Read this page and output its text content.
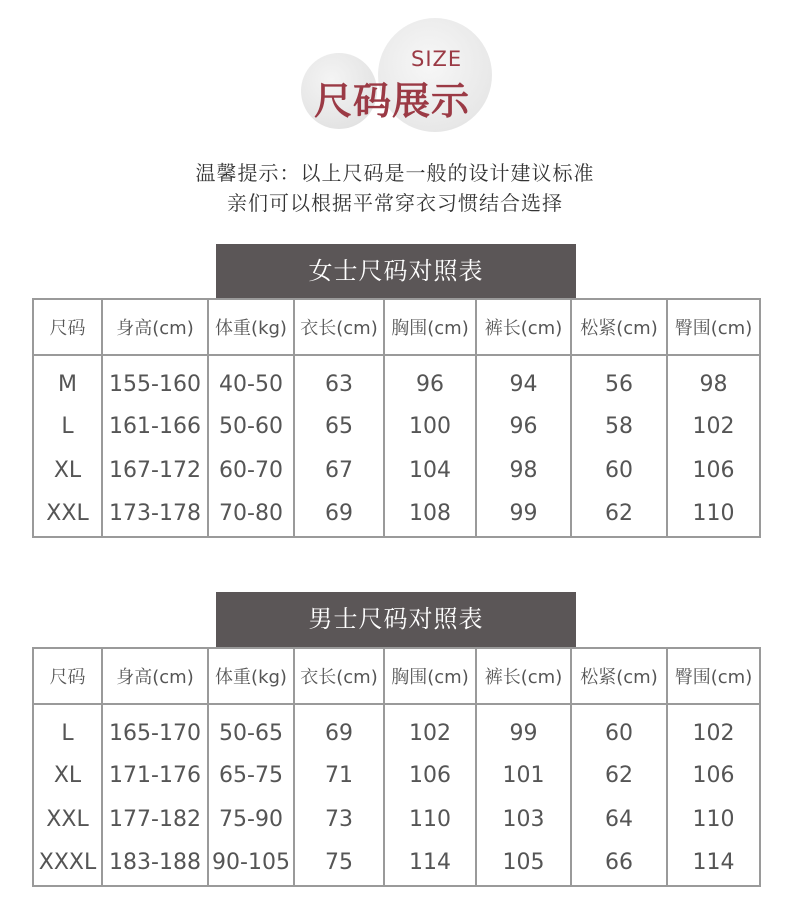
SIZE
尺码展示
温馨提示：以上尺码是一般的设计建议标准
亲们可以根据平常穿衣习惯结合选择
女士尺码对照表
尺码	身高(cm)	体重(kg)	衣长(cm)	胸围(cm)	裤长(cm)	松紧(cm)	臀围(cm)
M	155-160	40-50	63	96	94	56	98
L	161-166	50-60	65	100	96	58	102
XL	167-172	60-70	67	104	98	60	106
XXL	173-178	70-80	69	108	99	62	110
男士尺码对照表
尺码	身高(cm)	体重(kg)	衣长(cm)	胸围(cm)	裤长(cm)	松紧(cm)	臀围(cm)
L	165-170	50-65	69	102	99	60	102
XL	171-176	65-75	71	106	101	62	106
XXL	177-182	75-90	73	110	103	64	110
XXXL	183-188	90-105	75	114	105	66	114
